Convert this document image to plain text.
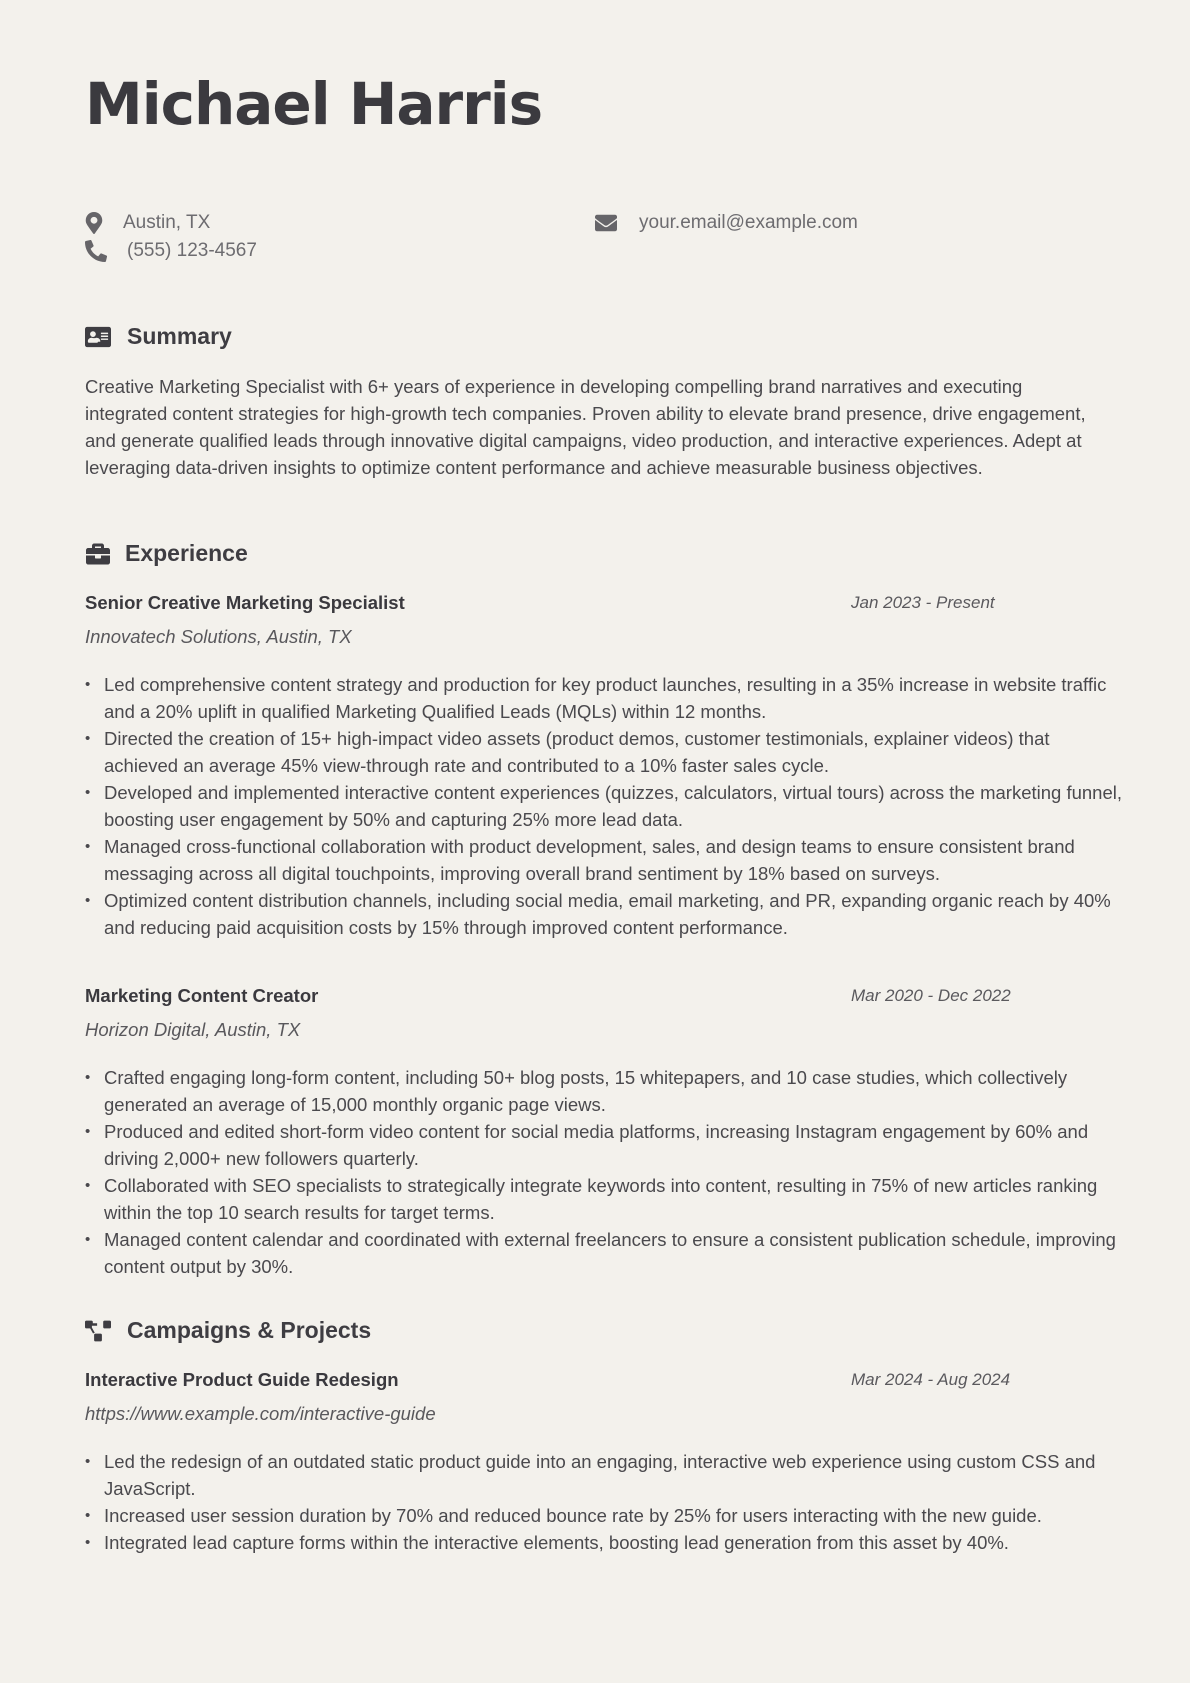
Michael Harris
Austin, TX
(555) 123-4567
your.email@example.com
Summary

Creative Marketing Specialist with 6+ years of experience in developing compelling brand narratives and executing integrated content strategies for high-growth tech companies. Proven ability to elevate brand presence, drive engagement, and generate qualified leads through innovative digital campaigns, video production, and interactive experiences. Adept at leveraging data-driven insights to optimize content performance and achieve measurable business objectives.

Experience
Senior Creative Marketing Specialist	Jan 2023 - Present
Innovatech Solutions, Austin, TX
• Led comprehensive content strategy and production for key product launches, resulting in a 35% increase in website traffic and a 20% uplift in qualified Marketing Qualified Leads (MQLs) within 12 months.
• Directed the creation of 15+ high-impact video assets (product demos, customer testimonials, explainer videos) that achieved an average 45% view-through rate and contributed to a 10% faster sales cycle.
• Developed and implemented interactive content experiences (quizzes, calculators, virtual tours) across the marketing funnel, boosting user engagement by 50% and capturing 25% more lead data.
• Managed cross-functional collaboration with product development, sales, and design teams to ensure consistent brand messaging across all digital touchpoints, improving overall brand sentiment by 18% based on surveys.
• Optimized content distribution channels, including social media, email marketing, and PR, expanding organic reach by 40% and reducing paid acquisition costs by 15% through improved content performance.
Marketing Content Creator	Mar 2020 - Dec 2022
Horizon Digital, Austin, TX
• Crafted engaging long-form content, including 50+ blog posts, 15 whitepapers, and 10 case studies, which collectively generated an average of 15,000 monthly organic page views.
• Produced and edited short-form video content for social media platforms, increasing Instagram engagement by 60% and driving 2,000+ new followers quarterly.
• Collaborated with SEO specialists to strategically integrate keywords into content, resulting in 75% of new articles ranking within the top 10 search results for target terms.
• Managed content calendar and coordinated with external freelancers to ensure a consistent publication schedule, improving content output by 30%.
Campaigns & Projects
Interactive Product Guide Redesign	Mar 2024 - Aug 2024
https://www.example.com/interactive-guide
• Led the redesign of an outdated static product guide into an engaging, interactive web experience using custom CSS and JavaScript.
• Increased user session duration by 70% and reduced bounce rate by 25% for users interacting with the new guide.
• Integrated lead capture forms within the interactive elements, boosting lead generation from this asset by 40%.
